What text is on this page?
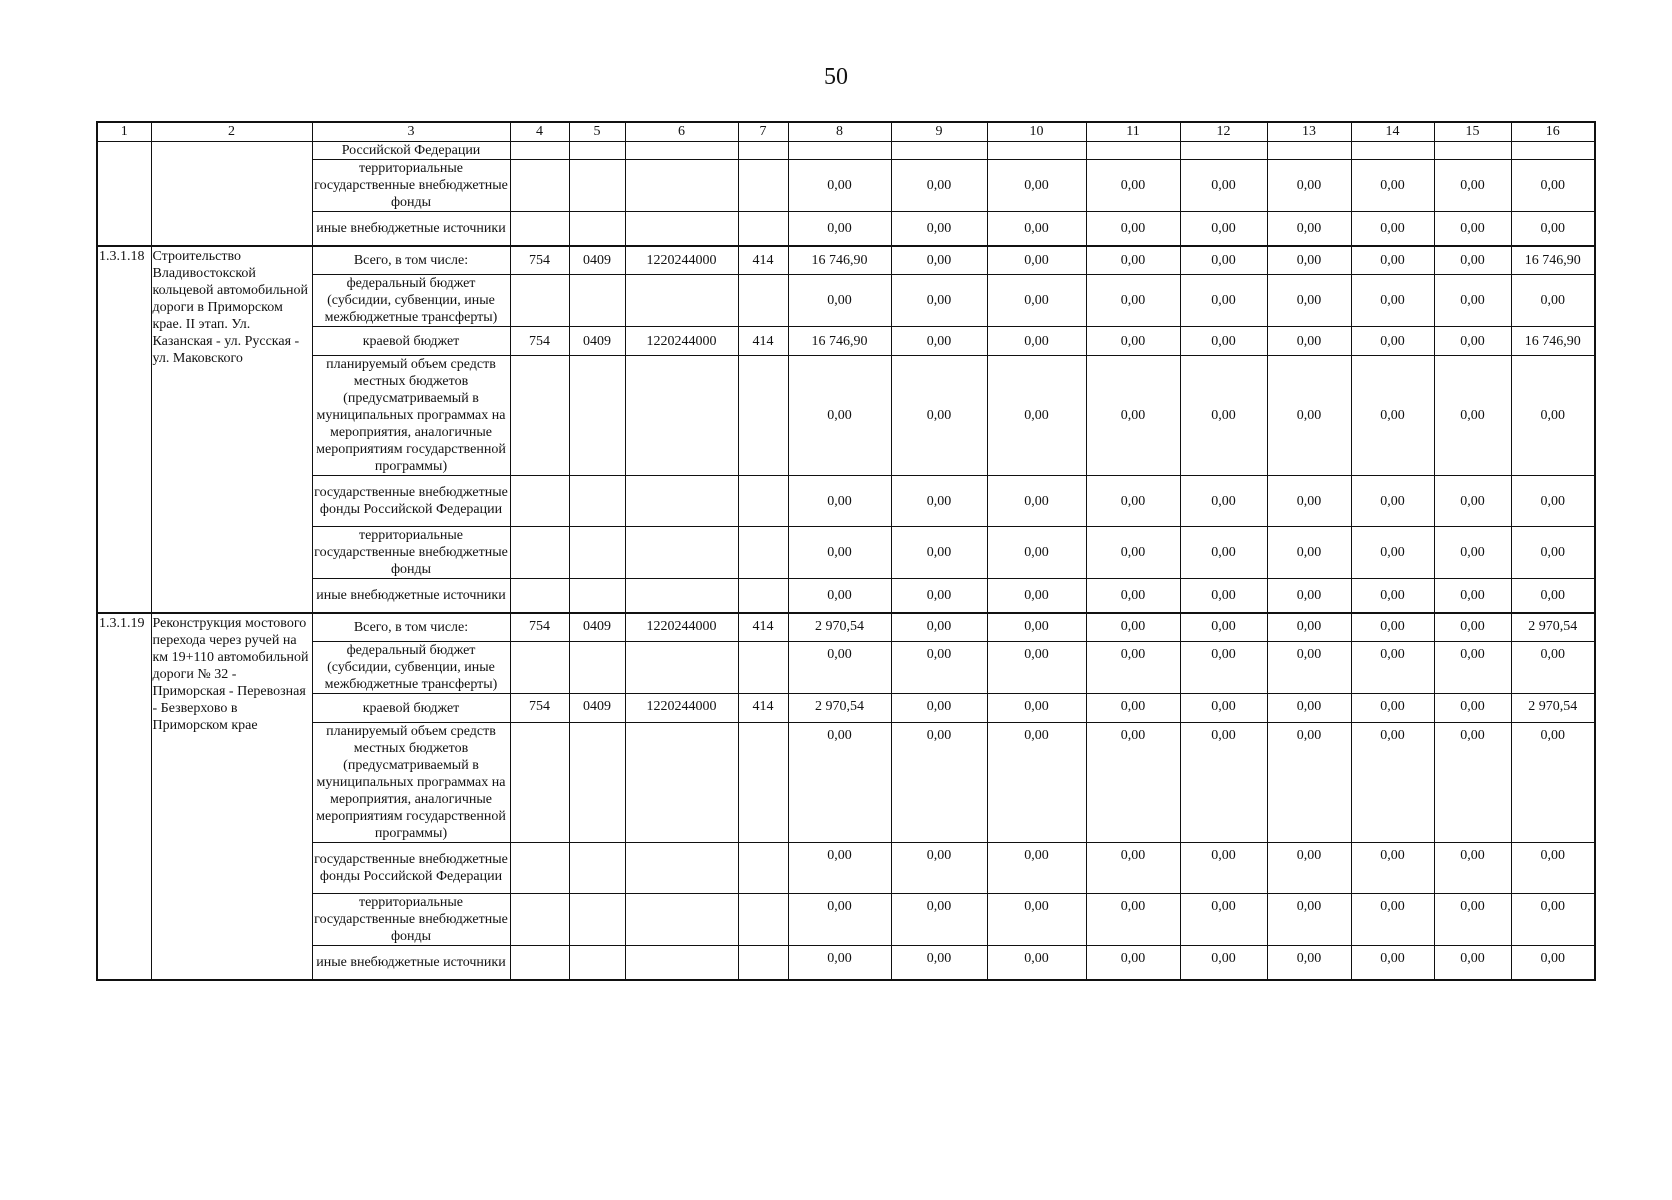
50
1	2	3	4	5	6	7	8	9	10	11	12	13	14	15	16
		Российской Федерации													
		территориальные государственные внебюджетные фонды					0,00	0,00	0,00	0,00	0,00	0,00	0,00	0,00	0,00
		иные внебюджетные источники					0,00	0,00	0,00	0,00	0,00	0,00	0,00	0,00	0,00
1.3.1.18	Строительство Владивостокской кольцевой автомобильной дороги в Приморском крае. II этап. Ул. Казанская - ул. Русская - ул. Маковского	Всего, в том числе:	754	0409	1220244000	414	16 746,90	0,00	0,00	0,00	0,00	0,00	0,00	0,00	16 746,90
		федеральный бюджет (субсидии, субвенции, иные межбюджетные трансферты)					0,00	0,00	0,00	0,00	0,00	0,00	0,00	0,00	0,00
		краевой бюджет	754	0409	1220244000	414	16 746,90	0,00	0,00	0,00	0,00	0,00	0,00	0,00	16 746,90
		планируемый объем средств местных бюджетов (предусматриваемый в муниципальных программах на мероприятия, аналогичные мероприятиям государственной программы)					0,00	0,00	0,00	0,00	0,00	0,00	0,00	0,00	0,00
		государственные внебюджетные фонды Российской Федерации					0,00	0,00	0,00	0,00	0,00	0,00	0,00	0,00	0,00
		территориальные государственные внебюджетные фонды					0,00	0,00	0,00	0,00	0,00	0,00	0,00	0,00	0,00
		иные внебюджетные источники					0,00	0,00	0,00	0,00	0,00	0,00	0,00	0,00	0,00
1.3.1.19	Реконструкция мостового перехода через ручей на км 19+110 автомобильной дороги № 32 - Приморская - Перевозная - Безверхово в Приморском крае	Всего, в том числе:	754	0409	1220244000	414	2 970,54	0,00	0,00	0,00	0,00	0,00	0,00	0,00	2 970,54
		федеральный бюджет (субсидии, субвенции, иные межбюджетные трансферты)					0,00	0,00	0,00	0,00	0,00	0,00	0,00	0,00	0,00
		краевой бюджет	754	0409	1220244000	414	2 970,54	0,00	0,00	0,00	0,00	0,00	0,00	0,00	2 970,54
		планируемый объем средств местных бюджетов (предусматриваемый в муниципальных программах на мероприятия, аналогичные мероприятиям государственной программы)					0,00	0,00	0,00	0,00	0,00	0,00	0,00	0,00	0,00
		государственные внебюджетные фонды Российской Федерации					0,00	0,00	0,00	0,00	0,00	0,00	0,00	0,00	0,00
		территориальные государственные внебюджетные фонды					0,00	0,00	0,00	0,00	0,00	0,00	0,00	0,00	0,00
		иные внебюджетные источники					0,00	0,00	0,00	0,00	0,00	0,00	0,00	0,00	0,00
